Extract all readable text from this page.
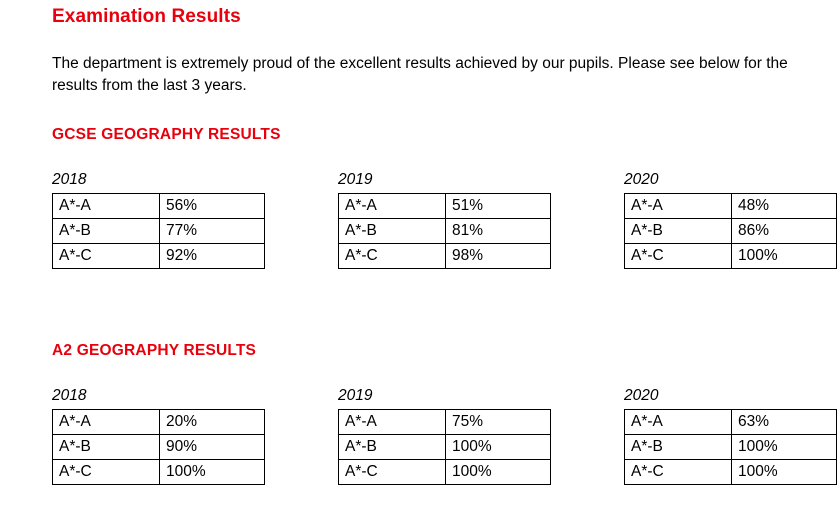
Examination Results

The department is extremely proud of the excellent results achieved by our pupils. Please see below for the results from the last 3 years.

GCSE GEOGRAPHY RESULTS
2018
A*-A	56%
A*-B	77%
A*-C	92%
2019
A*-A	51%
A*-B	81%
A*-C	98%
2020
A*-A	48%
A*-B	86%
A*-C	100%
A2 GEOGRAPHY RESULTS
2018
A*-A	20%
A*-B	90%
A*-C	100%
2019
A*-A	75%
A*-B	100%
A*-C	100%
2020
A*-A	63%
A*-B	100%
A*-C	100%
